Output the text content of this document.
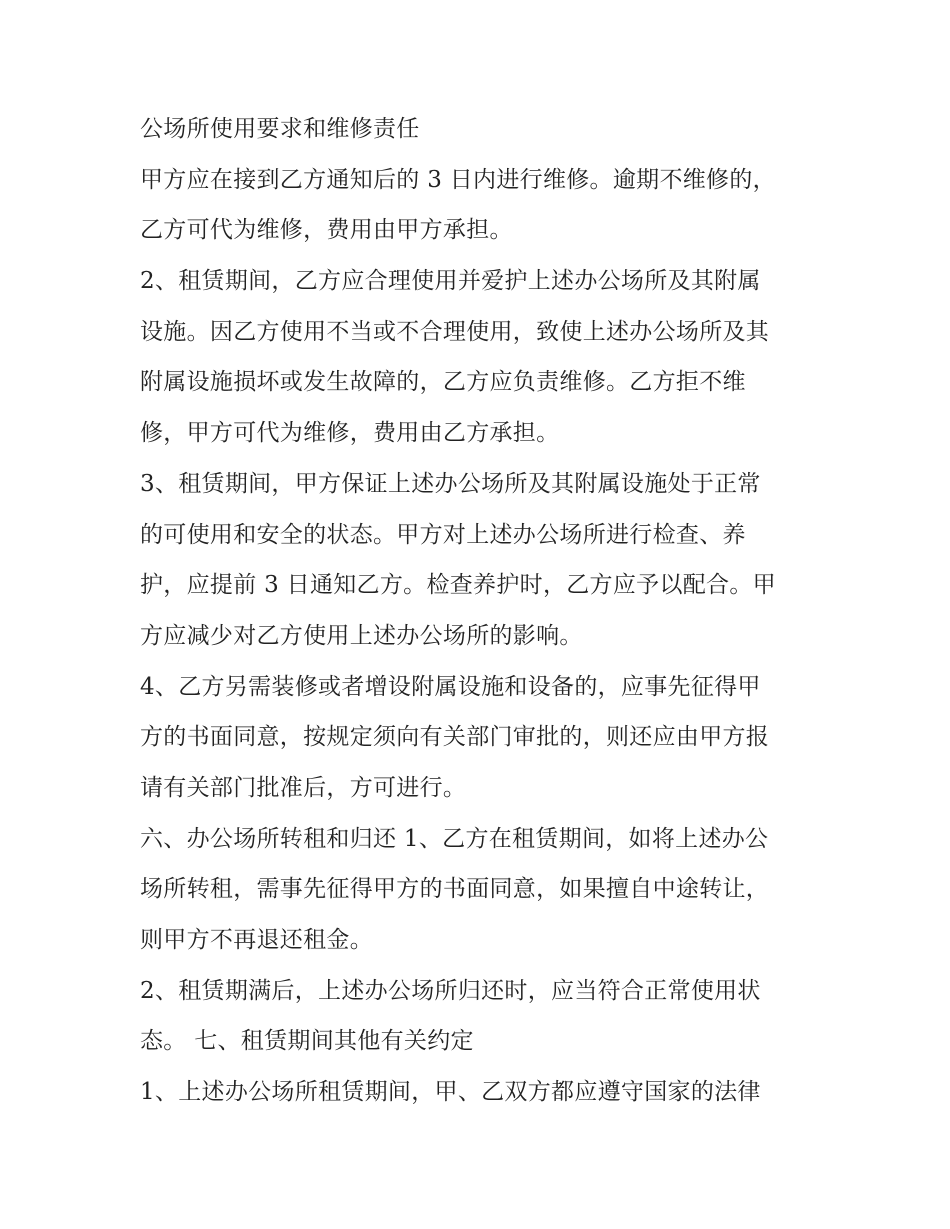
公场所使用要求和维修责任
甲方应在接到乙方通知后的 3 日内进行维修。逾期不维修的，
乙方可代为维修，费用由甲方承担。
2、租赁期间，乙方应合理使用并爱护上述办公场所及其附属
设施。因乙方使用不当或不合理使用，致使上述办公场所及其
附属设施损坏或发生故障的，乙方应负责维修。乙方拒不维
修，甲方可代为维修，费用由乙方承担。
3、租赁期间，甲方保证上述办公场所及其附属设施处于正常
的可使用和安全的状态。甲方对上述办公场所进行检查、养
护，应提前 3 日通知乙方。检查养护时，乙方应予以配合。甲
方应减少对乙方使用上述办公场所的影响。
4、乙方另需装修或者增设附属设施和设备的，应事先征得甲
方的书面同意，按规定须向有关部门审批的，则还应由甲方报
请有关部门批准后，方可进行。
六、办公场所转租和归还 1、乙方在租赁期间，如将上述办公
场所转租，需事先征得甲方的书面同意，如果擅自中途转让，
则甲方不再退还租金。
2、租赁期满后，上述办公场所归还时，应当符合正常使用状
态。 七、租赁期间其他有关约定
1、上述办公场所租赁期间，甲、乙双方都应遵守国家的法律
